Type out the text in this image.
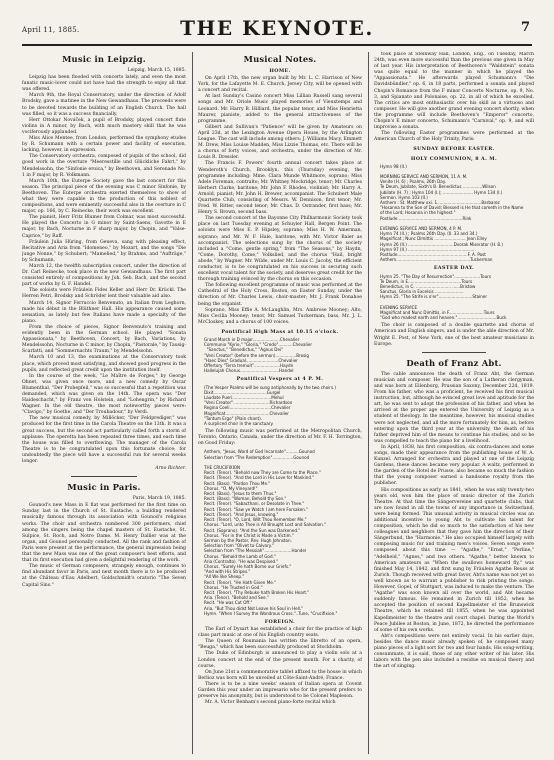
April 11, 1885.	THE KEYNOTE.	7
Music in Leipzig.
Leipzig, March 15, 1885.

Leipzig has been flooded with concerts lately, and even the most fanatic music-lover could not have had the strength to enjoy all that was offered.

March 9th, the Royal Conservatory, under the direction of Adolf Brodsky, gave a matinee in the New Gewandhaus. The proceeds were to be devoted towards the building of an English Church. The hall was filled, so it was a success financially.

Herr Ottokar Nováček, a pupil of Brodsky, played concert flute violins in A minor, by Bach, with much mastery skill that he was vociferously applauded.

Miss Alice Mentee, from London, performed the symphony etudes by R. Schumann with a certain power and facility of execution, lacking, however, in expression.

The Conservatory orchestra, composed of pupils of the school, did good work in the overture "Meeresstille und Glückliche Fahrt," by Mendelssohn, the "Sinfonie eroica," by Beethoven, and Serenade No. 1 in F major, by R. Volkmann.

March 10th, the Euterpe Society gave the last concert for this season. The principal piece of the evening was C minor Sinfonie, by Beethoven. The Euterpe orchestra exerted themselves to show of what they were capable in the production of this noblest of compositions, and were eminently successful also in the overture in C major, op. 166, by C. Reinecke, their work was excellent.

The pianist, Herr Fritz Blumer from Colmar, was most successful. He played the Concerto in G minor by Saint-Saens, Gavotte in E major, by Bach, Nocturne in F sharp major, by Chopin, and "Valse-Caprice," by Raff.

Fräulein Julia Hüring, from Geneva, sang with pleasing effect, Recitative and Aria from "Idomeneo," by Mozart, and the songs "Die junge Nonne," by Schubert; "Mamelied," by Brahms, and "Aufträge," by Schumann.

March 12, the twelfth subscription concert, under the direction of Dr. Carl Reinecke, took place in the new Gewandhaus. The first part consisted entirely of compositions by Joh. Seb. Bach, and the second part of works by G. F. Handel.

The soloists were Fräulein Fides Keller and Herr Dr. Krückl. The Herren Petri, Brodsky and Schröder lent their valuable aid also.

March 14, Signor Ferruccio Benvenuto, an Italian from Leghorn, made his début in the Blüthner Hall. His appearance caused some sensation, as lately but few Italians have made a specialty of the piano.

From the choice of pieces, Signor Benvenuto's training and evidently been in the German school. He played "Sonata Appassionata," by Beethoven, Concert, by Bach, Variations, by Mendelssohn, Nocturne in C minor, by Chopin, "Pastorale," by Tausig-Scarlatti, and "Sommernachts Traum," by Mendelssohn.

March 10 and 13, the examinations at the Conservatory took place, which proved most satisfying, and showed good progress in the pupils, and reflected great credit upon the institution itself.

In the course of the week, "Le Maître de Forges," by George Ohnet, was given once more, and a new comedy by Oscar Blumenthal, "Der Probepfeil," was so successful that a repetition was demanded, which was given on the 14th. The opera was "Der Haideschacht," by Franz von Holstein, and "Lohengrin," by Richard Wagner. In the old theatre, the most noteworthy pieces were: "Clavigo," by Goethe, and "Der Troubadour," by Verdi.

The new musical comedy, by Millöcker, "Der Feldprediger," was produced for the first time in the Carola Theatre on the 13th. It was a great success, but the second act particularly called forth a storm of applause. The operetta has been repeated three times, and each time the house was filled to overflowing. The manager of the Carola Theatre is to be congratulated upon this fortunate choice; for undoubtedly the piece will have a successful run for several weeks longer.

Arno Richter.
Music in Paris.
Paris, March 19, 1885.

Gounod's new Mass in E flat was performed for the first time on Sunday last in the Church of St. Eustache, a building rendered musically famous through its association with Gounod's religious works. The choir and orchestra numbered 300 performers, chief among the singers being the chapel masters of St. Eustache, St. Sulpice, St. Roch, and Notre Dame. M. Henry Dallier was at the organ, and Gounod personally conducted. All the rank and fashion of Paris were present at the performance, the general impression being that the new Mass was one of the great composer's best efforts, and that its first execution had given a delightful rendering of the work.

The music of German composers, strangely enough, continues to find abundant favor in Paris, and next month there is to be produced at the Château d'Eau Adelbert, Goldschmidt's oratorio "The Seven Capital Sins."

Musical Notes.
HOME.

On April 17th, the new organ built by Mr. L. C. Harrison of New York, for the Lafayette M. E. Church, Jersey City, will be opened with a concert and recital.

At last Sunday's Casino concert Miss Lillian Russell sang several songs and Mr. Oriole Music played memories of Vieuxtemps and Leonard. Mr. Harry B. Hilliard, the popular tenor, and Miss Henrietta Maurer, pianiste, added to the general attractiveness of the programme.

Gilbert and Sullivan's "Patience" will be given by Amateurs on April 23d, at the Lexington Avenue Opera House, by the Arlington League. The cast will include among others: J. Williams Macy, Emmett M. Drew, Miss Louise Madden, Miss Lizzie Thomas, etc. There will be a chorus of forty voices, and orchestra, under the direction of Mr. Louis R. Dressler.

The Francis F. Powers' fourth annual concert takes place at Wenderoth's Church, Brooklyn, this (Thursday) evening, the programme including: Mme. Clara Munde Whitmore, soprano; Miss Adele Foreman, contralto; Mr. Whitney Mockridge, tenor; Mr. Charles Herbert Clarke, baritone; Mr. John F. Rhodes, violinist; Mr. Harry A. Arnold, pianist; Mr. John H. Brewer, accompanist. The Schubert Male Quartette Club, consisting of Messrs. W. Dennison, first tenor; Mr. Fred. W. Ritter, second tenor; Mr. Chas. D. Ostrander, first bass; Mr. Henry S. Brown, second bass.

The second concert of the Bayonne City Philharmonic Society took place on last Tuesday evening at Schuyler Hall, Bergen Point. The soloists were Miss E. P. Hipsley, soprano; Miss H. W. Amerman, soprano; and Mr. W. F. Hale, baritone, with Mr. Victor Baier as accompanist. The selections sung by the chorus of the society included a "Come, gentle spring," from "The Seasons," by Haydn, "Come, Dorothy, Come," Volkslied, and the chorus "Hail, bright abode," by Wagner. Mr. Wilde, under Mr. Louis C. Jacoby, the efficient conductor, is to be congratulated on his success in securing such excellent vocal talent for the society, and deserves great credit for the thorough training evinced by the chorus on this occasion.

The following excellent programme of music was performed at the Cathedral of the Holy Cross, Boston, on Easter Sunday, under the direction of Mr. Charles Lewis, choir-master; Mr. J. Frank Donahoe being the organist.

Soprano, Miss Effie A. McLaughlin, Mrs. Ambrose Mooney; Alto, Miss Cecilia Mooney; tenor, Mr. Samuel Tuckerman; bass, Mr. J. L. McCloskey, and a chorus of 100 voices.

Pontifical High Mass at 10.15 o'clock.
Grand March in D major.....................Chevalier
Communio "Kyrie," "Gloria," "Credo"...........Chevalier
"Sanctus," "Benedictus," "Agnus Dei"
"Veni Creator" (before the sermon)................Brosig
"Haec Dies" Gradual.........................Chevalier
Offertory "Terra tremuit"....................Haydn
Hallelujah Chorus..............................Handel
Pontifical Vespers at 4 P. M.
(The Vesper Psalms will be sung antiphonally by the two choirs.)
Dixit.........................................Gurgel
Laudate Pueri..............................Mehul
"Veni Creator"............................Richardson
Regina Coeli................................Chevalier
Magnificat..................................Chevalier
"Tantum Ergo" (Plain chant).
A surpliced choir in the sanctuary.

The following music was performed at the Metropolitan Church, Toronto, Ontario, Canada, under the direction of Mr. F. H. Torrington, on Good Friday:

Anthem, "Jesus, Word of God Incarnate"..........Gounod
Selection from "The Redemption"................Gounod

THE CRUCIFIXION
Recit. (Tenor). "Behold now They are Come to the Place."
Recit. (Tenor). "And the Lord in His Love for Mankind."
Recit. (Bass). "Pardon Thou Me."
Chorus. "O, My Vineyard!"
Recit. (Bass). "Jesus to them Thus."
Recit. (Bass). "Woman, Behold thy Son."
Recit. (Tenor). "Sabacthani, or Desolate in Thee."
Recit. (Tenor). "Saw ye Watch I am here Forsaken."
Recit. (Tenor). "And Jesus, knowing."
Recit. (Tenor). "O, Lord, Wilt Thou Remember Me."
Chorus. "Lord, unto Thee is All Brought Lost and Salvation."
Recit. (Soprano). "And the Sun was Darkened."
Chorus. "For in the Christ is Made a Victim."
Sermon by the Pastor, Rev. Hugh Johnston.
Selection from "Olivet to Calvary."
Selection from "The Messiah".....................Handel
Chorus. "Behold the Lamb of God."
Aria (Contralto). "He was Despised."
Chorus. "Surely He hath Borne our Griefs."
"And with His Stripes."
"All We like Sheep."
Recit. (Tenor). "He Hath Given Me."
Chorus. "He Trusted in God."
Recit. (Tenor). "Thy Rebuke hath Broken His Heart."
Aria. (Tenor). "Behold and See."
Recit. "He was Cut Off."
Aria. "But Thou didst Not Leave his Soul in Hell."
Hymn. "When I Survey the Wondrous Cross."..Tune, "Crucifixion."
FOREIGN.

The Earl of Dysart has established a choir for the practice of high class part music at one of his English country seats.

The Queen of Roumania has written the libretto of an opera, "Beuga," which has been successfully produced at Stockholm.

The Duke of Edinburgh is announced to play a violin solo at a London concert at the end of the present month. For a charity, of course.

On June 21st a commemorative tablet affixed to the house in which Berlioz was born will be unveiled at Côte-Saint-André, France.

There is to be a nine weeks' season of Italian opera at Covent Garden this year under an impresario who for the present prefers to preserve his anonymity, but is understood to be Colonel Mapleson.

Mr. A. Victor Benham's second piano-forte recital which

took place at Steinway Hall, London, Eng., on Tuesday, March 24th, was even more successful than the previous one given in May of last year. His interpretation of Beethoven's "Waldstein" sonata was quite equal to the manner in which he played the "Appassionata." He afterwards played Schumann's "Die Davidsbündler," op. 6, in 18 parts, performed a sonata and played Chopin's Romance from the F minor Concerto Nocturne, op. 9, No. 3, and Spianato and Polonaise, op. 22, in all of which he excelled. The critics are most enthusiastic over his skill as a virtuoso and composer. He will give another grand evening concert shortly, when the programme will include Beethoven's "Emperor" concerto, Chopin's E minor concerto, Schumann's "Carnival," op. 9, and will improvise a sonata.

The following Easter programmes were performed at the American Church of the Holy Trinity, Paris:

SUNDAY BEFORE EASTER.
HOLY COMMUNION, 8 A. M.
Hymn 98 (II.)

MORNING SERVICE AND SERMON, 11 A. M.
Venite (H. 6) ; Psalms, 26th Day.
Te Deum, Jubilate, Sixth's B. Benedictus ...............Wilson
Jubilate (H. 7) ; Hymn 104 (I.); ....................... Hymn 134 (I.)
Sermon. Hymn 103 (II.)
Anthem : St. Matthew xxi. 1..................................Barbarez
"Hosanna to the Son of David; Blessed is He that cometh in the Name of the Lord; Hosanna in the highest."
Postlude..................................................Rink

EVENING SERVICE AND SERMON, 4 P. M.
Hymn 74 (II.) ; Psalms 26th Day. (II. 33 and 34.)
Magnificat ; Nunc Dimittis ........................ Jean Elley
Hymn 26 (II.) ...................................Dvorak Miserator (H. 8.)
Hymn 97 (II.) ....................................................
Postlude......................................................F. A. Post
Anthem.........................................................Tuckerman
EASTER DAY.
Hymn 25. "The Day of Resurrection"....................Tours
Te Deum, in E.........................................Tours
Benedictus, in C. ........................... ......Bristow
Sanctus. Gloria in Excelsis ......................
Hymn 25. "The Strife is o'er"..........................Stainer

EVENING SERVICE
Magnificat and Nunc Dimittis, in F...........................Tours
"God who madest earth and heaven."..............................Buck

The choir is composed of a double quartette and chorus of American and English singers, and is under the able direction of Mr. Wright E. Post, of New York, one of the best amateur musicians in Europe.

Death of Franz Abt.

The cable announces the death of Franz Abt, the German musician and composer. He was the son of a Lutheran clergyman, and was born at Eilenburg, Prussian Saxony, December 22d, 1819. From his father, who was a proficient, he received his first musical instruction, but, although he evinced great love and aptitude for the art, he was sent to adopt the profession of his father, and when he arrived at the proper age entered the University of Leipzig as a student of theology. In the meantime, however, his musical studies were not neglected, and all the more fortunately for him, as, before entering upon the third year at the university, the death of his father deprived him of the means to continue his studies, and so he was compelled to teach the piano for a livelihood.

In April, 1838, his first composition, six contra-dances and some songs, made their appearance from the publishing house of W. A. Kunzel. Arranged for orchestra and played at one of the Leipzig Gardens, these dances became very popular. A waltz, performed in the garden of the Hotel de Prusse, also became so much the fashion that the young composer earned a handsome royalty from the publisher.

His compositions as early as 1841, when he was only twenty-two years old, won him the place of music director of the Zurich Theatre. At that time the Sängervereine and quartette clubs, that are now found in all the towns of any importance in Switzerland, were being formed. This unusual activity in musical circles was an additional incentive to young Abt to cultivate his talent for composition, which he did so much to the satisfaction of his new colleagues and neighbors that they gave him the direction of their Sängerbund, the "Harmonie." He also occupied himself largely with composing music for and training men's voices. Seven songs were composed about this time — "Agathe," "Ernst," "Perline," "Adelheid," "Agnes," and two others. "Agathe," better known to American amateurs as "When the swallows homeward fly," was finished May 14, 1842, and first sung by Fräulein Agathe Reuss at Zurich. Though received with great favor, Abt's name was not yet so well known as to warrant a publisher to risk printing the songs. However, Gopel, of Stuttgart, was induced to make the venture. The "Agathe" was soon known all over the world, and Abt became suddenly famous. He remained in Zurich till 1852, when he accepted the position of second Kapellmeister of the Brunswick Theatre, which he retained till 1855, when he was appointed Kapellmeister to the theatre and court chapel. During the World's Peace Jubilee at Boston, in June, 1872, he directed the performance of some of his own works.

Abt's compositions were not entirely vocal. In his earlier days, besides the dance music already spoken of, he composed many piano pieces of a light sort for two and four hands. His song-writing, consummate, it is said, those of any other writer of his later. His labors with the pen also included a residue on musical theory and the art of singing.
